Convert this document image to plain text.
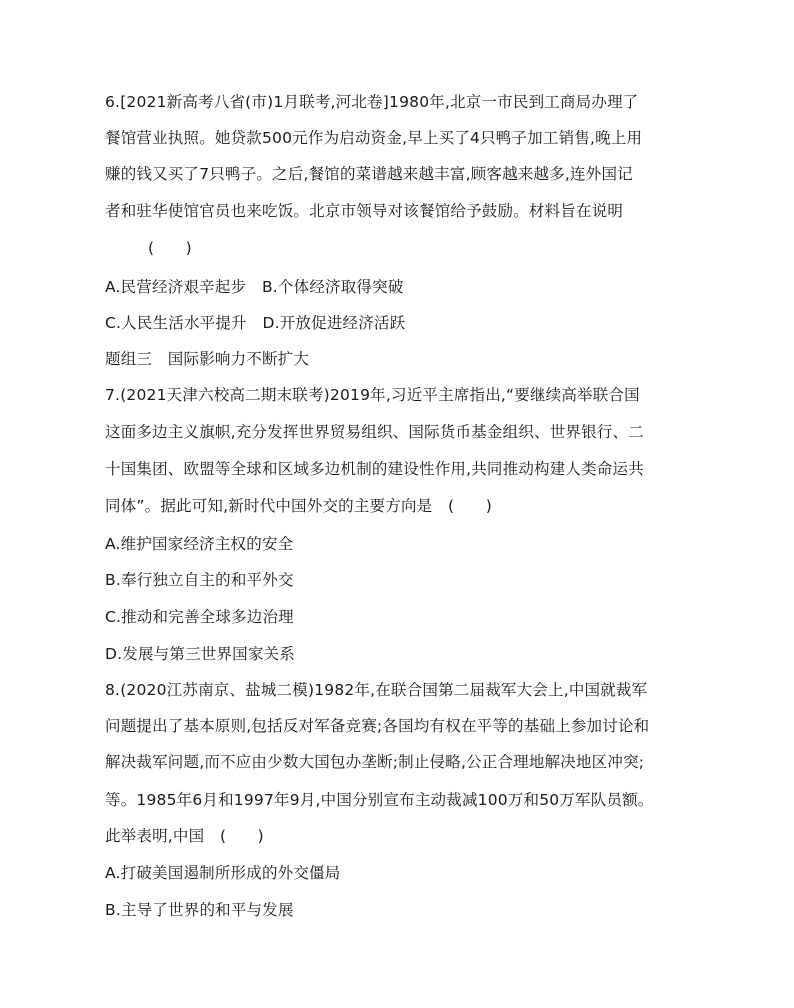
6.[2021新高考八省(市)1月联考,河北卷]1980年,北京一市民到工商局办理了
餐馆营业执照。她贷款500元作为启动资金,早上买了4只鸭子加工销售,晚上用
赚的钱又买了7只鸭子。之后,餐馆的菜谱越来越丰富,顾客越来越多,连外国记
者和驻华使馆官员也来吃饭。北京市领导对该餐馆给予鼓励。材料旨在说明
(　　)
A.民营经济艰辛起步　B.个体经济取得突破
C.人民生活水平提升　D.开放促进经济活跃
题组三　国际影响力不断扩大
7.(2021天津六校高二期末联考)2019年,习近平主席指出,“要继续高举联合国
这面多边主义旗帜,充分发挥世界贸易组织、国际货币基金组织、世界银行、二
十国集团、欧盟等全球和区域多边机制的建设性作用,共同推动构建人类命运共
同体”。据此可知,新时代中国外交的主要方向是　(　　)
A.维护国家经济主权的安全
B.奉行独立自主的和平外交
C.推动和完善全球多边治理
D.发展与第三世界国家关系
8.(2020江苏南京、盐城二模)1982年,在联合国第二届裁军大会上,中国就裁军
问题提出了基本原则,包括反对军备竞赛;各国均有权在平等的基础上参加讨论和
解决裁军问题,而不应由少数大国包办垄断;制止侵略,公正合理地解决地区冲突;
等。1985年6月和1997年9月,中国分别宣布主动裁减100万和50万军队员额。
此举表明,中国　(　　)
A.打破美国遏制所形成的外交僵局
B.主导了世界的和平与发展
